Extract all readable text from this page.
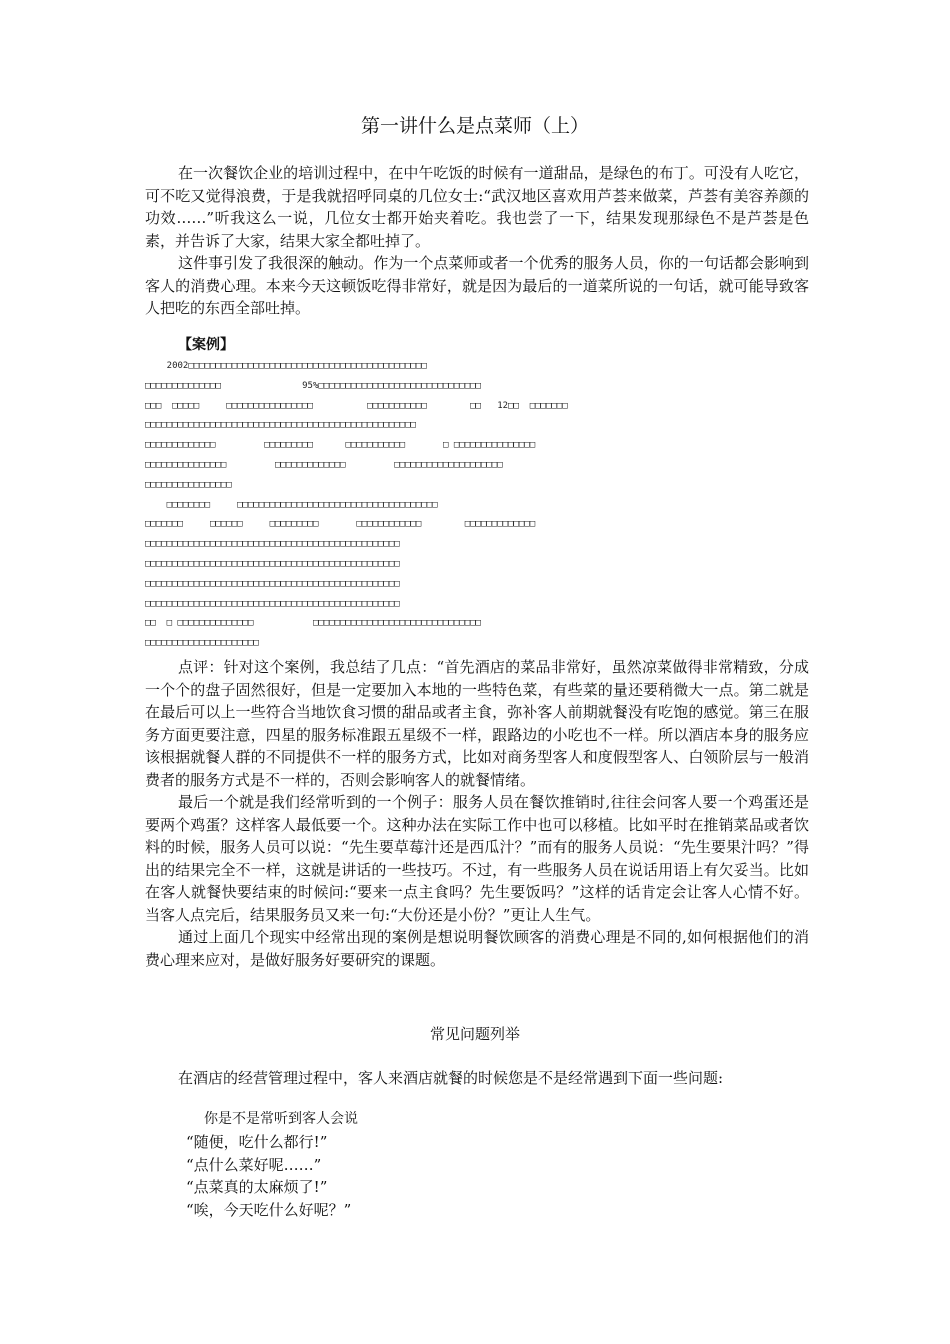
第一讲什么是点菜师（上）

在一次餐饮企业的培训过程中，在中午吃饭的时候有一道甜品，是绿色的布丁。可没有人吃它，可不吃又觉得浪费，于是我就招呼同桌的几位女士:“武汉地区喜欢用芦荟来做菜，芦荟有美容养颜的功效……”听我这么一说，几位女士都开始夹着吃。我也尝了一下，结果发现那绿色不是芦荟是色素，并告诉了大家，结果大家全都吐掉了。

这件事引发了我很深的触动。作为一个点菜师或者一个优秀的服务人员，你的一句话都会影响到客人的消费心理。本来今天这顿饭吃得非常好，就是因为最后的一道菜所说的一句话，就可能导致客人把吃的东西全部吐掉。

【案例】
2002□□□□□□□□□□□□□□□□□□□□□□□□□□□□□□□□□□□□□□□□□□□□
□□□□□□□□□□□□□□               95%□□□□□□□□□□□□□□□□□□□□□□□□□□□□□□
□□□  □□□□□     □□□□□□□□□□□□□□□□          □□□□□□□□□□□        □□   12□□  □□□□□□□
□□□□□□□□□□□□□□□□□□□□□□□□□□□□□□□□□□□□□□□□□□□□□□□□□□
□□□□□□□□□□□□□         □□□□□□□□□      □□□□□□□□□□□       □ □□□□□□□□□□□□□□□
□□□□□□□□□□□□□□□         □□□□□□□□□□□□□         □□□□□□□□□□□□□□□□□□□□
□□□□□□□□□□□□□□□□
□□□□□□□□     □□□□□□□□□□□□□□□□□□□□□□□□□□□□□□□□□□□□□
□□□□□□□     □□□□□□     □□□□□□□□□       □□□□□□□□□□□□        □□□□□□□□□□□□□
□□□□□□□□□□□□□□□□□□□□□□□□□□□□□□□□□□□□□□□□□□□□□□□
□□□□□□□□□□□□□□□□□□□□□□□□□□□□□□□□□□□□□□□□□□□□□□□
□□□□□□□□□□□□□□□□□□□□□□□□□□□□□□□□□□□□□□□□□□□□□□□
□□□□□□□□□□□□□□□□□□□□□□□□□□□□□□□□□□□□□□□□□□□□□□□
□□  □ □□□□□□□□□□□□□□           □□□□□□□□□□□□□□□□□□□□□□□□□□□□□□□
□□□□□□□□□□□□□□□□□□□□□

点评：针对这个案例，我总结了几点：“首先酒店的菜品非常好，虽然凉菜做得非常精致，分成一个个的盘子固然很好，但是一定要加入本地的一些特色菜，有些菜的量还要稍微大一点。第二就是在最后可以上一些符合当地饮食习惯的甜品或者主食，弥补客人前期就餐没有吃饱的感觉。第三在服务方面更要注意，四星的服务标准跟五星级不一样，跟路边的小吃也不一样。所以酒店本身的服务应该根据就餐人群的不同提供不一样的服务方式，比如对商务型客人和度假型客人、白领阶层与一般消费者的服务方式是不一样的，否则会影响客人的就餐情绪。

最后一个就是我们经常听到的一个例子：服务人员在餐饮推销时,往往会问客人要一个鸡蛋还是要两个鸡蛋？这样客人最低要一个。这种办法在实际工作中也可以移植。比如平时在推销菜品或者饮料的时候，服务人员可以说：“先生要草莓汁还是西瓜汁？”而有的服务人员说：“先生要果汁吗？”得出的结果完全不一样，这就是讲话的一些技巧。不过，有一些服务人员在说话用语上有欠妥当。比如在客人就餐快要结束的时候问:“要来一点主食吗？先生要饭吗？”这样的话肯定会让客人心情不好。当客人点完后，结果服务员又来一句:“大份还是小份？”更让人生气。

通过上面几个现实中经常出现的案例是想说明餐饮顾客的消费心理是不同的,如何根据他们的消费心理来应对，是做好服务好要研究的课题。

常见问题列举
在酒店的经营管理过程中，客人来酒店就餐的时候您是不是经常遇到下面一些问题:
你是不是常听到客人会说
“随便，吃什么都行!”
“点什么菜好呢……”
“点菜真的太麻烦了!”
“唉，今天吃什么好呢？”
